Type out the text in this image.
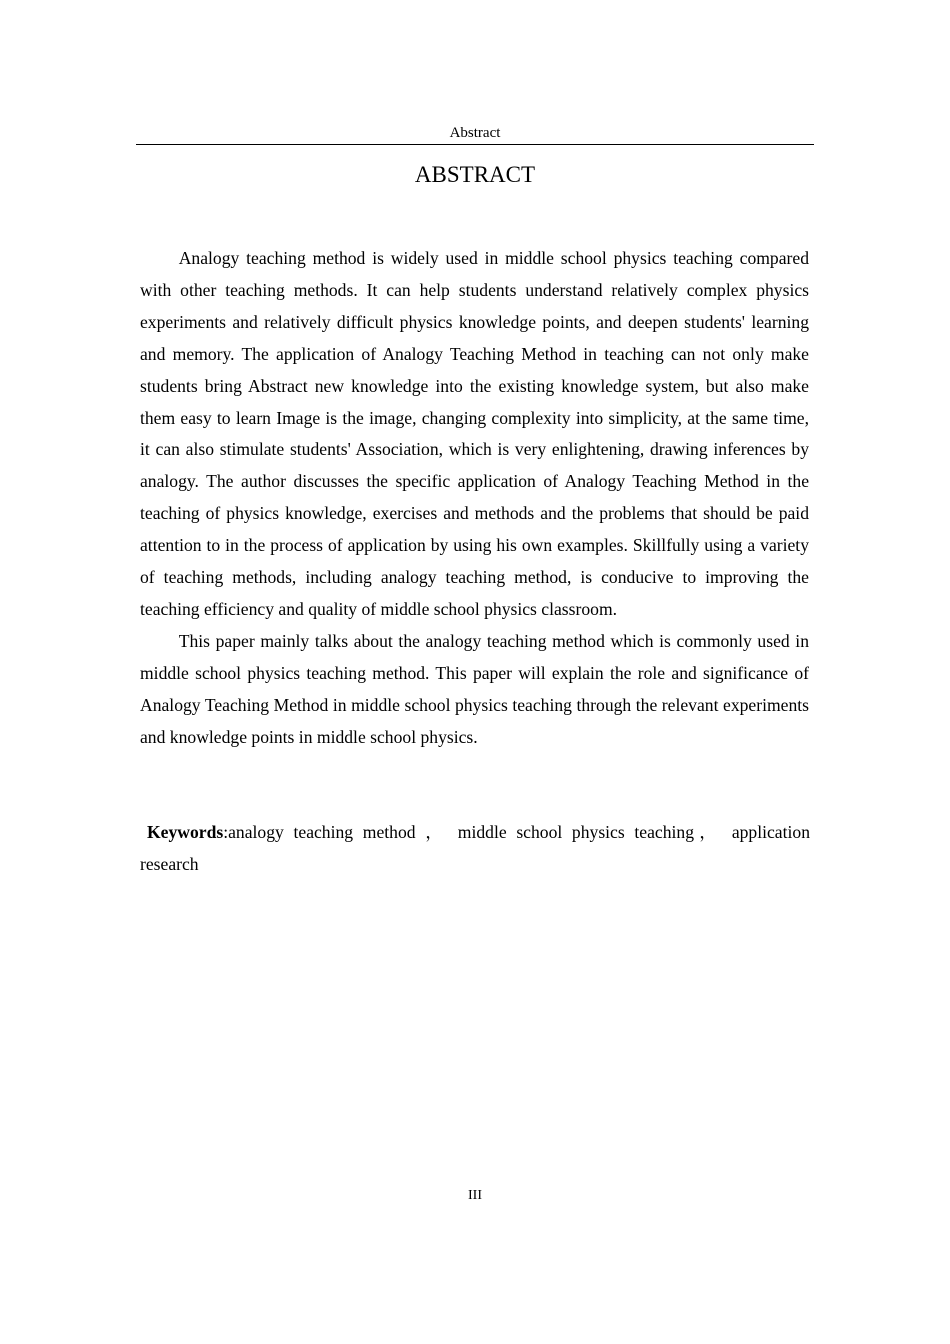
Abstract
ABSTRACT

Analogy teaching method is widely used in middle school physics teaching compared with other teaching methods. It can help students understand relatively complex physics experiments and relatively difficult physics knowledge points, and deepen students' learning and memory. The application of Analogy Teaching Method in teaching can not only make students bring Abstract new knowledge into the existing knowledge system, but also make them easy to learn Image is the image, changing complexity into simplicity, at the same time, it can also stimulate students' Association, which is very enlightening, drawing inferences by analogy. The author discusses the specific application of Analogy Teaching Method in the teaching of physics knowledge, exercises and methods and the problems that should be paid attention to in the process of application by using his own examples. Skillfully using a variety of teaching methods, including analogy teaching method, is conducive to improving the teaching efficiency and quality of middle school physics classroom.

This paper mainly talks about the analogy teaching method which is commonly used in middle school physics teaching method. This paper will explain the role and significance of Analogy Teaching Method in middle school physics teaching through the relevant experiments and knowledge points in middle school physics.

Keywords:analogy teaching method ， middle school physics teaching， application research

III
